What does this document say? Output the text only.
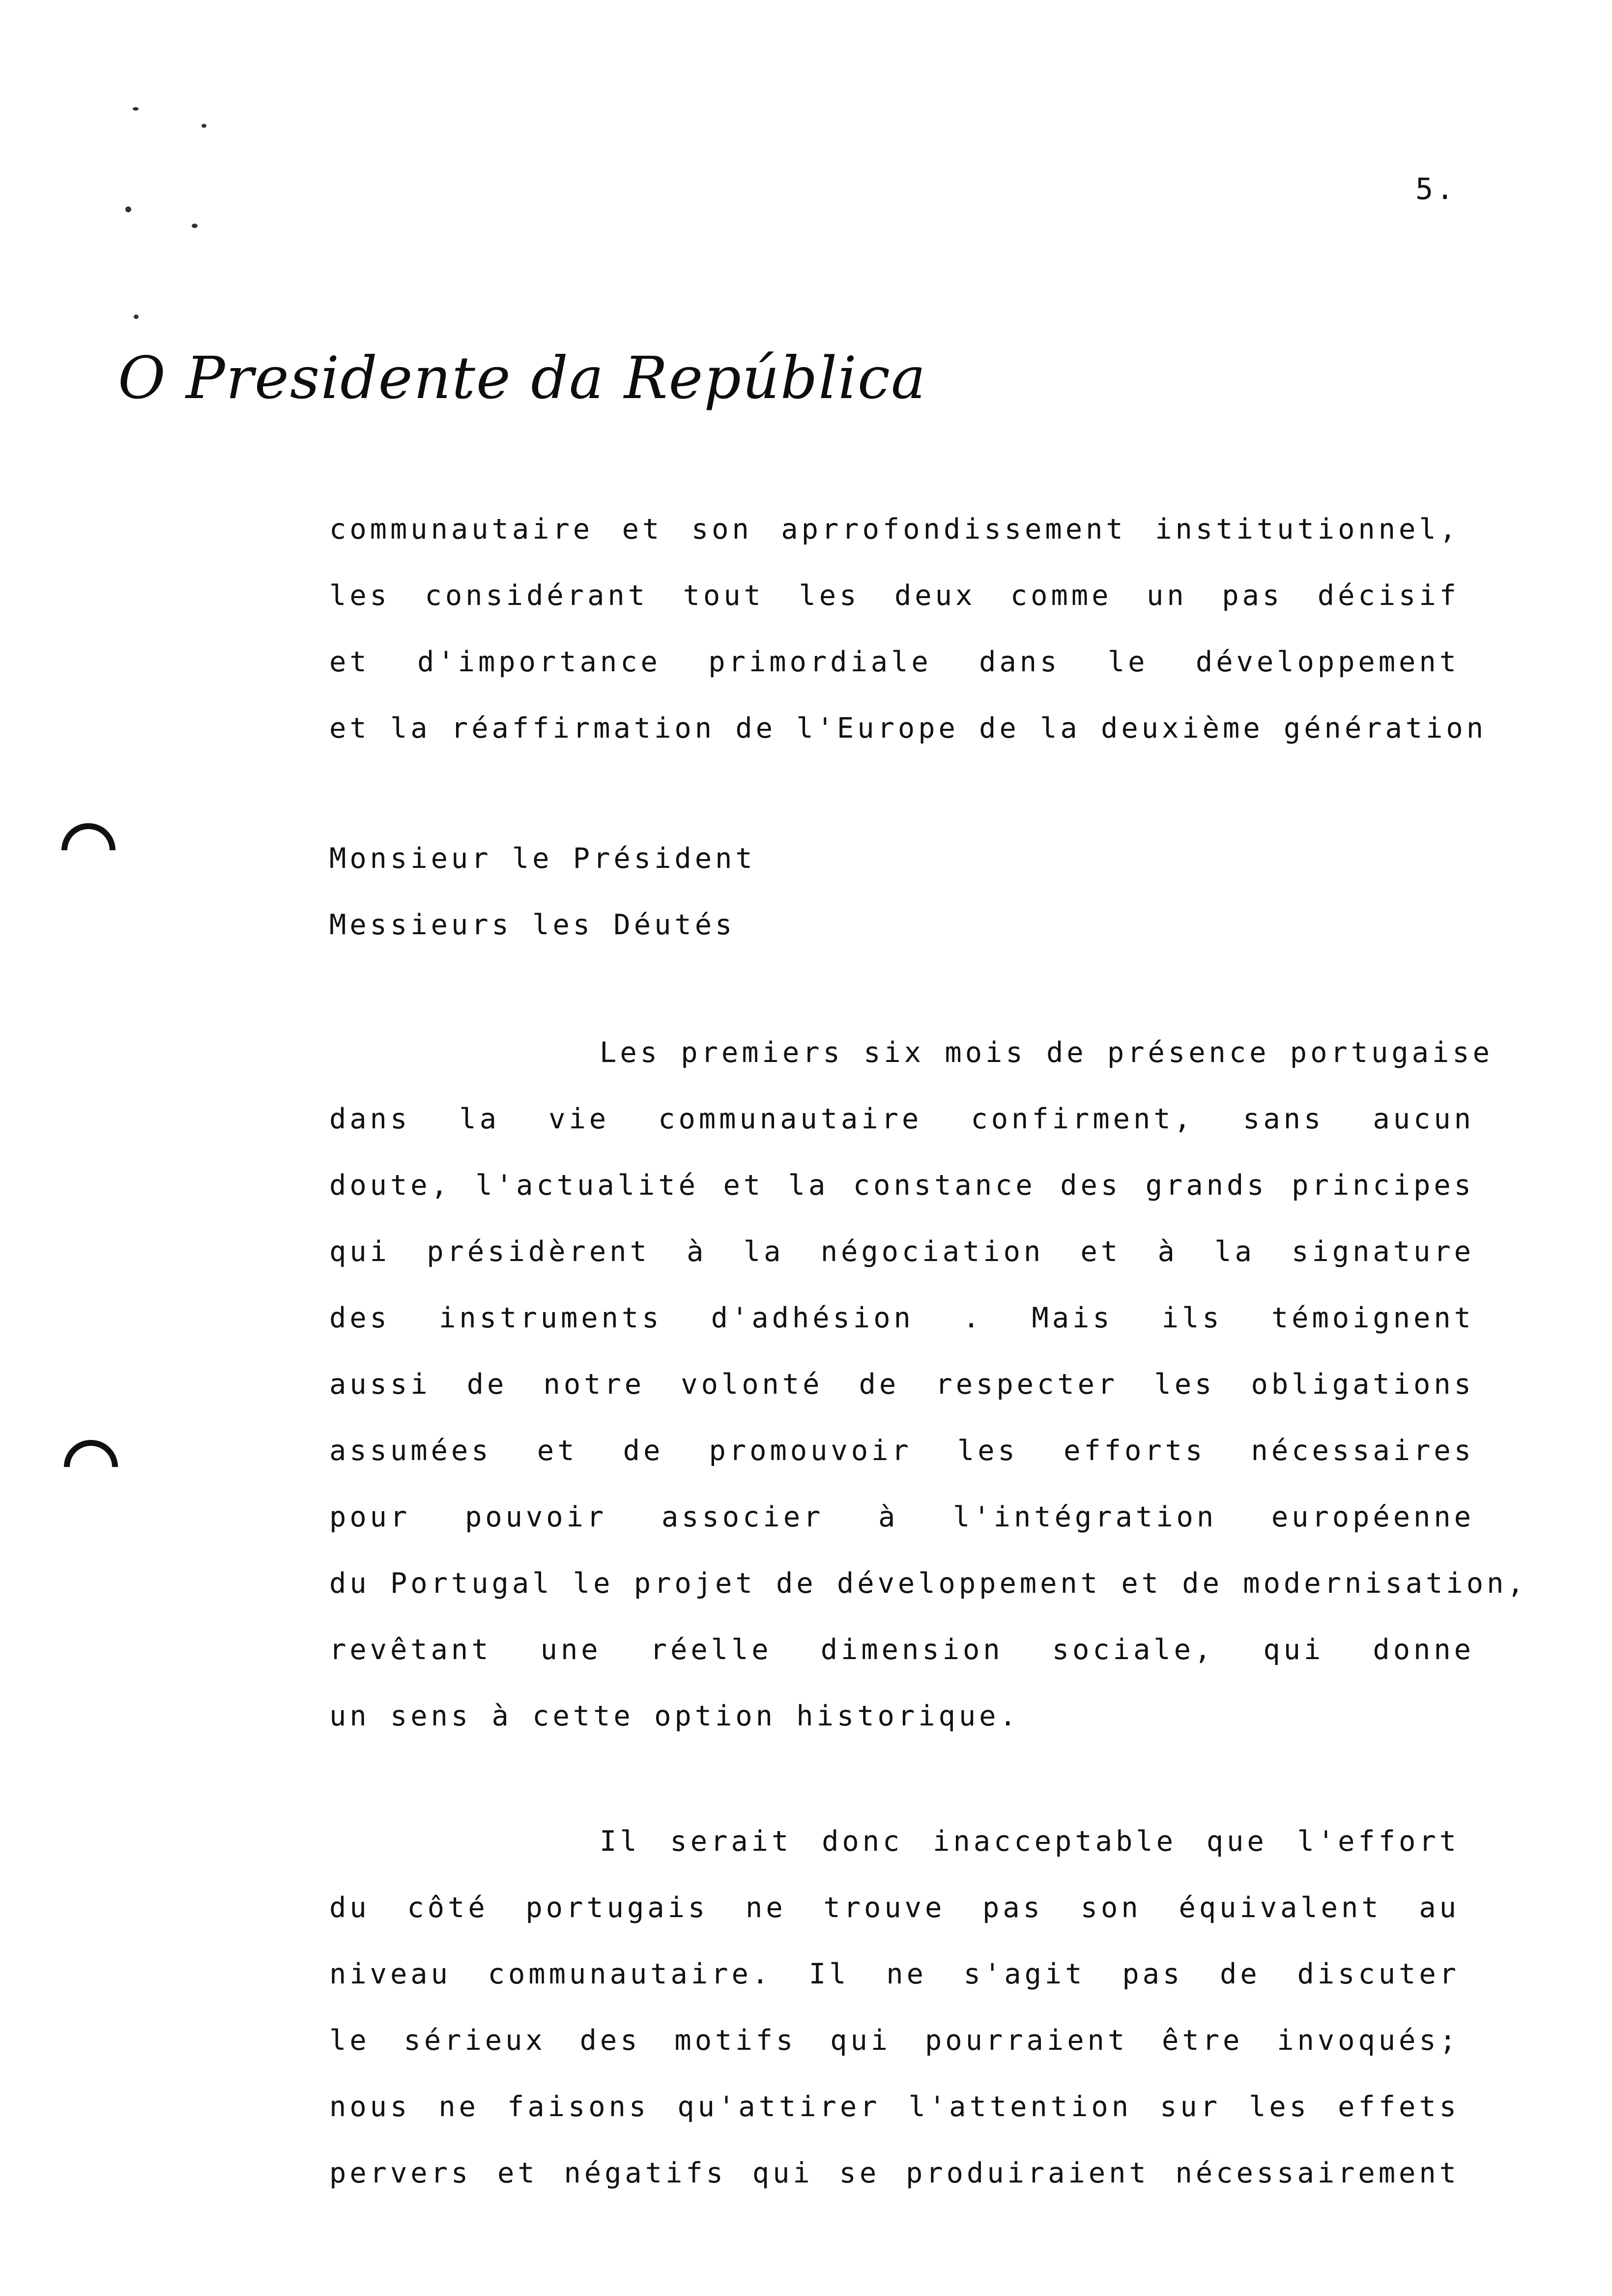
5.
O Presidente da República
communautaire et son aprrofondissement institutionnel,
les considérant tout les deux comme un pas décisif
et d'importance primordiale dans le développement
et la réaffirmation de l'Europe de la deuxième génération
Monsieur le Président
Messieurs les Déutés
Les premiers six mois de présence portugaise
dans la vie communautaire confirment, sans aucun
doute, l'actualité et la constance des grands principes
qui présidèrent à la négociation et à la signature
des instruments d'adhésion . Mais ils témoignent
aussi de notre volonté de respecter les obligations
assumées et de promouvoir les efforts nécessaires
pour pouvoir associer à l'intégration européenne
du Portugal le projet de développement et de modernisation,
revêtant une réelle dimension sociale, qui donne
un sens à cette option historique.
Il serait donc inacceptable que l'effort
du côté portugais ne trouve pas son équivalent au
niveau communautaire. Il ne s'agit pas de discuter
le sérieux des motifs qui pourraient être invoqués;
nous ne faisons qu'attirer l'attention sur les effets
pervers et négatifs qui se produiraient nécessairement
